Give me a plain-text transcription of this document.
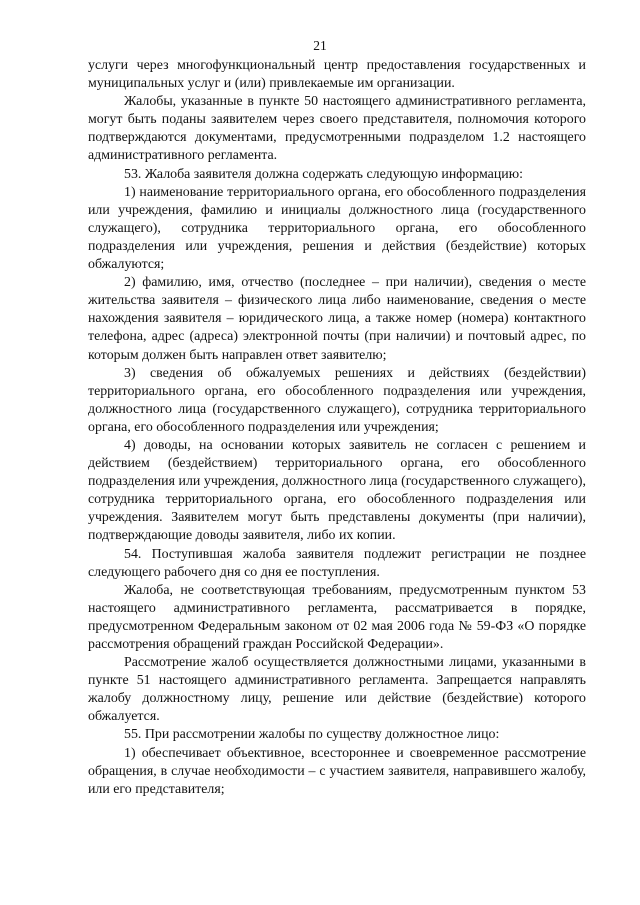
21

услуги через многофункциональный центр предоставления государственных и муниципальных услуг и (или) привлекаемые им организации.

Жалобы, указанные в пункте 50 настоящего административного регламента, могут быть поданы заявителем через своего представителя, полномочия которого подтверждаются документами, предусмотренными подразделом 1.2 настоящего административного регламента.

53. Жалоба заявителя должна содержать следующую информацию:

1) наименование территориального органа, его обособленного подразделения или учреждения, фамилию и инициалы должностного лица (государственного служащего), сотрудника территориального органа, его обособленного подразделения или учреждения, решения и действия (бездействие) которых обжалуются;

2) фамилию, имя, отчество (последнее – при наличии), сведения о месте жительства заявителя – физического лица либо наименование, сведения о месте нахождения заявителя – юридического лица, а также номер (номера) контактного телефона, адрес (адреса) электронной почты (при наличии) и почтовый адрес, по которым должен быть направлен ответ заявителю;

3) сведения об обжалуемых решениях и действиях (бездействии) территориального органа, его обособленного подразделения или учреждения, должностного лица (государственного служащего), сотрудника территориального органа, его обособленного подразделения или учреждения;

4) доводы, на основании которых заявитель не согласен с решением и действием (бездействием) территориального органа, его обособленного подразделения или учреждения, должностного лица (государственного служащего), сотрудника территориального органа, его обособленного подразделения или учреждения. Заявителем могут быть представлены документы (при наличии), подтверждающие доводы заявителя, либо их копии.

54. Поступившая жалоба заявителя подлежит регистрации не позднее следующего рабочего дня со дня ее поступления.

Жалоба, не соответствующая требованиям, предусмотренным пунктом 53 настоящего административного регламента, рассматривается в порядке, предусмотренном Федеральным законом от 02 мая 2006 года № 59-ФЗ «О порядке рассмотрения обращений граждан Российской Федерации».

Рассмотрение жалоб осуществляется должностными лицами, указанными в пункте 51 настоящего административного регламента. Запрещается направлять жалобу должностному лицу, решение или действие (бездействие) которого обжалуется.

55. При рассмотрении жалобы по существу должностное лицо:

1) обеспечивает объективное, всестороннее и своевременное рассмотрение обращения, в случае необходимости – с участием заявителя, направившего жалобу, или его представителя;
